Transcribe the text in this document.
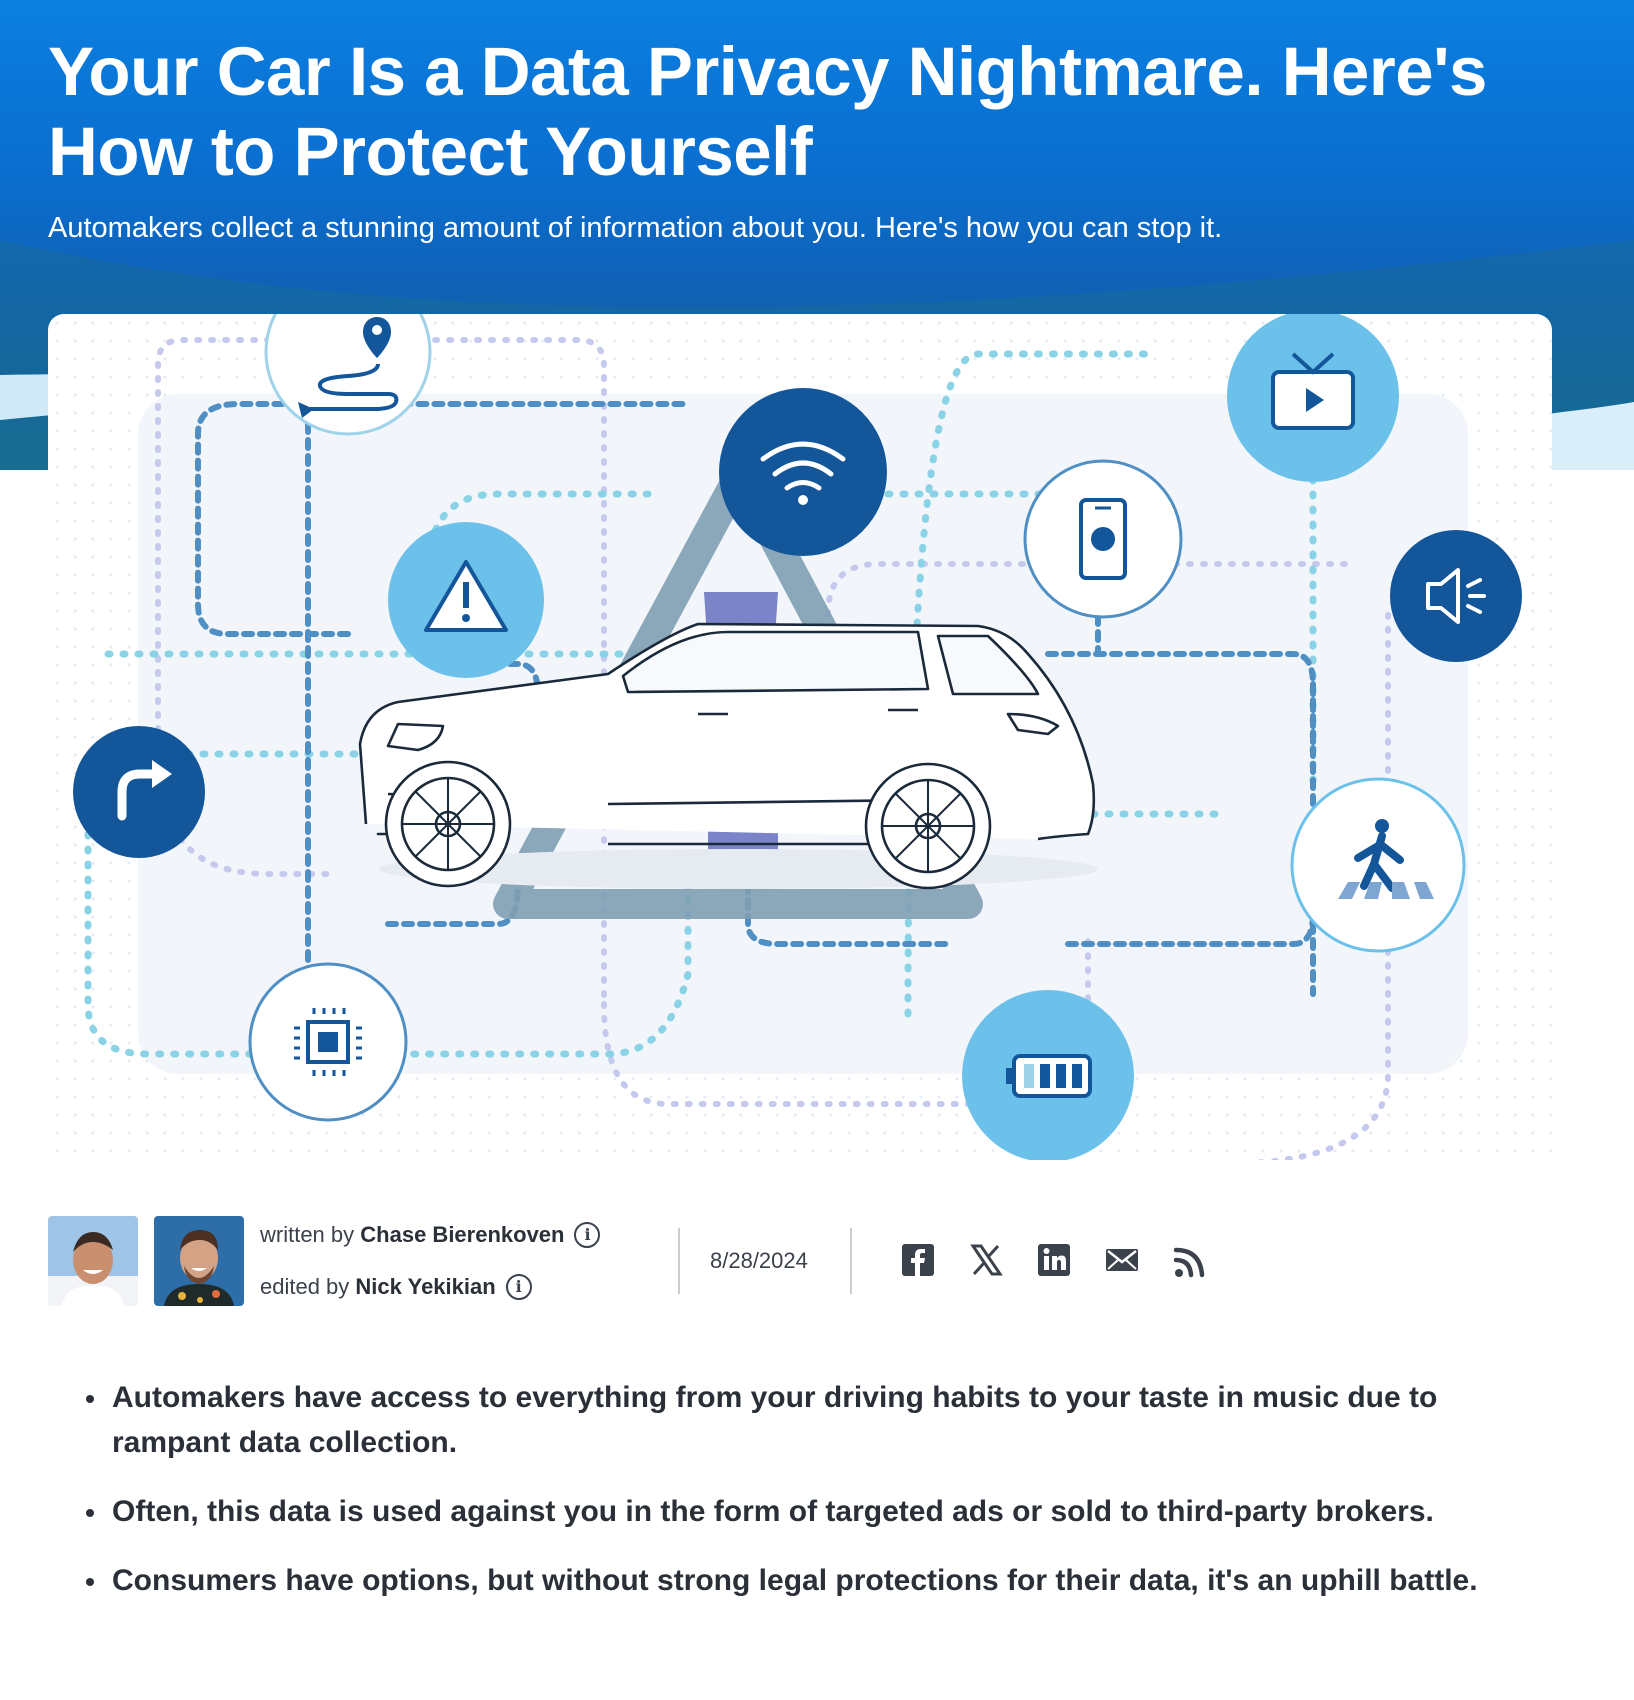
Your Car Is a Data Privacy Nightmare. Here's How to Protect Yourself

Automakers collect a stunning amount of information about you. Here's how you can stop it.

written by Chase Bierenkoven i
edited by Nick Yekikian i
8/28/2024
Automakers have access to everything from your driving habits to your taste in music due to rampant data collection.
Often, this data is used against you in the form of targeted ads or sold to third-party brokers.
Consumers have options, but without strong legal protections for their data, it's an uphill battle.
